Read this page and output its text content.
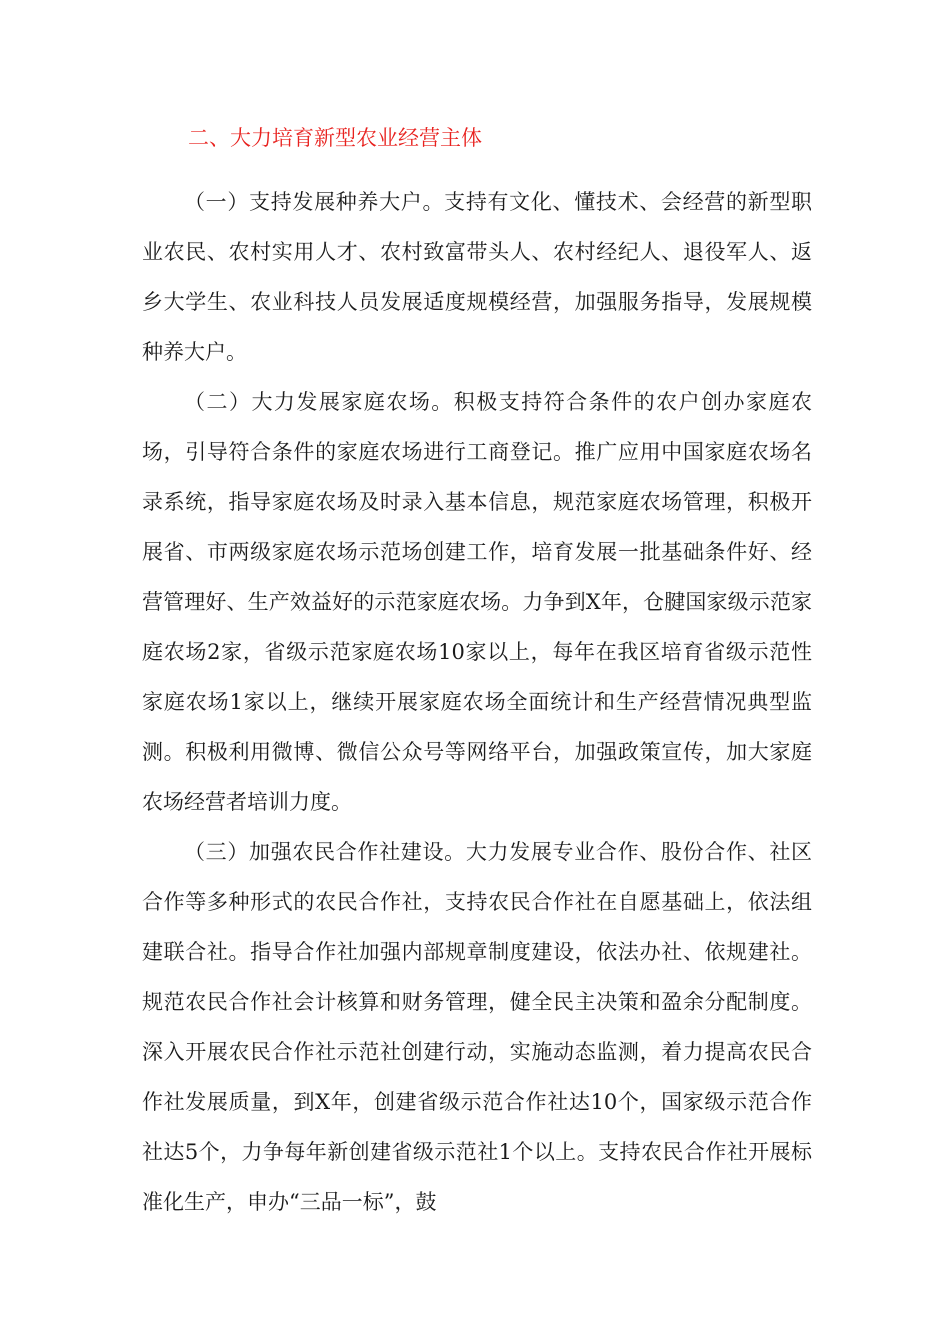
二、大力培育新型农业经营主体

（一）支持发展种养大户。支持有文化、懂技术、会经营的新型职业农民、农村实用人才、农村致富带头人、农村经纪人、退役军人、返乡大学生、农业科技人员发展适度规模经营，加强服务指导，发展规模种养大户。

（二）大力发展家庭农场。积极支持符合条件的农户创办家庭农场，引导符合条件的家庭农场进行工商登记。推广应用中国家庭农场名录系统，指导家庭农场及时录入基本信息，规范家庭农场管理，积极开展省、市两级家庭农场示范场创建工作，培育发展一批基础条件好、经营管理好、生产效益好的示范家庭农场。力争到X年，仓腱国家级示范家庭农场2家，省级示范家庭农场10家以上，每年在我区培育省级示范性家庭农场1家以上，继续开展家庭农场全面统计和生产经营情况典型监测。积极利用微博、微信公众号等网络平台，加强政策宣传，加大家庭农场经营者培训力度。

（三）加强农民合作社建设。大力发展专业合作、股份合作、社区合作等多种形式的农民合作社，支持农民合作社在自愿基础上，依法组建联合社。指导合作社加强内部规章制度建设，依法办社、依规建社。规范农民合作社会计核算和财务管理，健全民主决策和盈余分配制度。深入开展农民合作社示范社创建行动，实施动态监测，着力提高农民合作社发展质量，到X年，创建省级示范合作社达10个，国家级示范合作社达5个，力争每年新创建省级示范社1个以上。支持农民合作社开展标准化生产，申办“三品一标”，鼓
